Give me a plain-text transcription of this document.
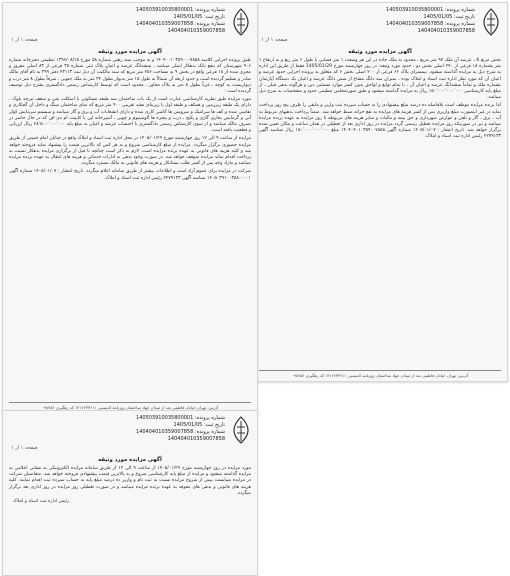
شماره پرونده: 140503910035800001
تاریخ ثبت: 1405/01/05
شماره پرونده: 140404010359007858
140404010359007858
صفحه ۱ از ۱
آگهی مزایده مورد وثیقه

بخش مرتع 6 ، عرصه آن ملک ۹۷ متر مربع ، محدود به ملک جاده در این هر وسعت ۱ متر فضایی با طول ۶ متر ربع و به ارتفاع ۱ متر بشماره ۱۸ فرعی از ۲۴۰ اصلی بخش دو ، حدود مورد وثیقه: در روز چهارشنبه مورخ 1405/01/29 فقط از طریق این اداره به شرح ذیل به مزایده گذاشته میشود. نیمسرای پلاک ۶۶ فرعی از ۲۰۰ اصلی بخش ۶ که متعلق به پرونده اجرایی حدود عرصه و اعیان آن که مورد نظر اداره ثبت اسناد و املاک بوده ، بمیزان سه دانگ مشاع از شش دانگ عرصه و اعیان یک دستگاه آپارتمان بشماره ملک و تماماً ششدانگ عرصه و اعیان آن ، با تمام توابع و لواحق بدون کسر موارد مستثنی دین و هرگونه بدهی قبلی ، از مبلغ پایه کارشناسی ۱۵۰٬۰۰۰٬۰۰۰٬۰۰۰ ریال به مزایده گذاشته میشود و طبق صورتمجلس تنظیمی حدود و مشخصات به شرح ذیل میباشد.

لذا برنده مزایده موظف است بلافاصله ده درصد مبلغ پیشنهادی را به حساب سپرده ثبت واریز و مابقی را ظرف پنج روز پرداخت نماید در غیر اینصورت مبلغ واریزی پس از کسر هزینه های مزایده به نفع خزانه ضبط خواهد شد. ضمناً پرداخت بدهیهای مربوط به آب ، برق ، گاز و تلفن و عوارض شهرداری و حق بیمه و مالیات و سایر هزینه های مربوطه تا روز مزایده به عهده برنده مزایده میباشد و نیز در صورتیکه روز مزایده تعطیل رسمی گردد مزایده در روز اداری بعد از تعطیلی در همان ساعت و مکان تعیین شده برگزار خواهد شد. تاریخ انتشار : ۱۴۰۵/۰۱/۰۷ شماره آگهی ۱۴۰۴۰۴۰۱۰۳۵۹۰۰۷۸۵۸ مبلغ ۱۵۰٬۰۰۰٬۰۰۰٬۰۰۰ ریال شناسه آگهی ۲۲۷۹۱۳۳ رئیس اداره ثبت اسناد و املاک.

آدرس: تهران خیابان فاطمی بعد از میدان جهاد ساختمان روزنامه کدپستی ۱۴۱۶۶۳۳۶۱۱ کد رهگیری ۰۹۸۲۵۶
شماره پرونده: 140503910035800001
تاریخ ثبت: 1405/01/05
شماره پرونده: 140404010359007858
140404010359007858
صفحه ۱ از ۱
آگهی مزایده مورد وثیقه

طبق پرونده اجرایی کلاسه ۱۴۰۴۰۰۱۰۳۵۹۰۰۰۷۸۵۸ و به موجب سند رهنی شماره ۵۸ مورخ ۱۳۹۶/۰۸/۱۵ تنظیمی دفترخانه شماره ۹۰۶ شهرستان که بنفع بانک بدهکار اصلی میباشد ، ششدانگ عرصه و اعیان پلاک ثبتی شماره ۳۸ فرعی از ۸۳ اصلی مفروز و مجزی شده از ۱۸ فرعی واقع در بخش ۹ به مساحت ۲۵۶ متر مربع که سند مالکیت آن ذیل ثبت ۴۳۱۱۳ دفتر ۳۹۹ به نام آقای مالک صادر و تسلیم گردیده است و حدود اربعه آن شمالاً به طول ۱۵ متر بدیوار بطول ۳۴ متر به ملک جنوبی ، شرقاً بطول ۸ متر درب و دیواریست به کوچه ، غرباً بطول ۸ متر به پلاک مجاور ، محدود است که توسط کارشناس رسمی دادگستری بشرح ذیل توصیف گردیده است :

مورد مزایده طبق نظریه کارشناسی عبارت است از یک باب ساختمان سه طبقه مسکونی با اسکلت بتنی و سقف تیرچه بلوک ، دارای یک طبقه زیرزمین و همکف و طبقه اول با زیربنای مفید تقریبی ۴۰۰ متر مربع که نمای ساختمان سنگ و داخل آن گچکاری و نقاشی شده و کف ها سرامیک و سرویس ها کاشی کاری شده و دارای انشعابات آب و برق و گاز میباشد و سیستم سرمایش کولر آبی و گرمایش بخاری گازی و پکیج ، درب و پنجره ها آلومینیوم و چوبی ، آشپزخانه اپن با کابینت ام دی اف که در حال حاضر در تصرف مالک میباشد و از سوی کارشناس رسمی دادگستری با احتساب عرصه و اعیان به مبلغ پایه ۲۸٬۵۰۰٬۰۰۰٬۰۰۰ ریال ارزیابی و قطعیت یافته است.

مزایده از ساعت ۹ الی ۱۲ روز چهارشنبه مورخ ۱۴۰۵/۰۱/۲۹ در محل اداره ثبت اسناد و املاک واقع در خیابان امام خمینی از طریق مزایده حضوری برگزار میگردد. مزایده از مبلغ کارشناسی شروع و به هر کس که بالاترین قیمت را پیشنهاد نماید فروخته خواهد شد و کلیه هزینه های قانونی به عهده برنده مزایده است. لازم به ذکر است چنانچه تا قبل از برگزاری مزایده بدهکار نسبت به پرداخت اقدام نماید مزایده متوقف خواهد شد. در صورت وجود بدهی به ادارات خدماتی و هزینه های انتقال به عهده برنده مزایده میباشد و مازاد وجه پس از کسر طلب بستانکار و هزینه های قانونی به مالک مسترد میگردد.

شرکت در مزایده برای عموم آزاد است و اطلاعات بیشتر از طریق سامانه اعلام میگردد. تاریخ انتشار : ۱۴۰۵/۰۱/۰۷ شماره آگهی ۱۴۰۵۰۳۹۱۰۰۳۵۸۰۰۰۰۱ شناسه آگهی ۲۲۷۹۱۳۳ رئیس اداره ثبت اسناد و املاک.

آدرس: تهران خیابان فاطمی بعد از میدان جهاد ساختمان روزنامه کدپستی ۱۴۱۶۶۳۳۶۱۱ کد رهگیری ۰۹۸۲۵۶
شماره پرونده: 140503910035800001
تاریخ ثبت: 1405/01/05
شماره پرونده: 140404010359007858
140404010359007858
صفحه ۱ از ۱
آگهی مزایده مورد وثیقه

مورد مزایده در روز چهارشنبه مورخ ۱۴۰۵/۰۱/۲۹ از ساعت ۹ الی ۱۲ از طریق سامانه مزایده الکترونیکی به نشانی اعلامی به مزایده گذاشته میشود و مزایده از مبلغ پایه کارشناسی شروع و به بالاترین قیمت پیشنهادی فروخته خواهد شد. متقاضیان شرکت در مزایده میبایست پیش از شروع مزایده نسبت به ثبت نام و واریز ده درصد مبلغ پایه به حساب سپرده ثبت اقدام نمایند. کلیه هزینه های قانونی و بدهی های معوقه به عهده برنده مزایده میباشد و در صورت تعطیلی روز مزایده در روز اداری بعد برگزار میگردد.

رئیس اداره ثبت اسناد و املاک
